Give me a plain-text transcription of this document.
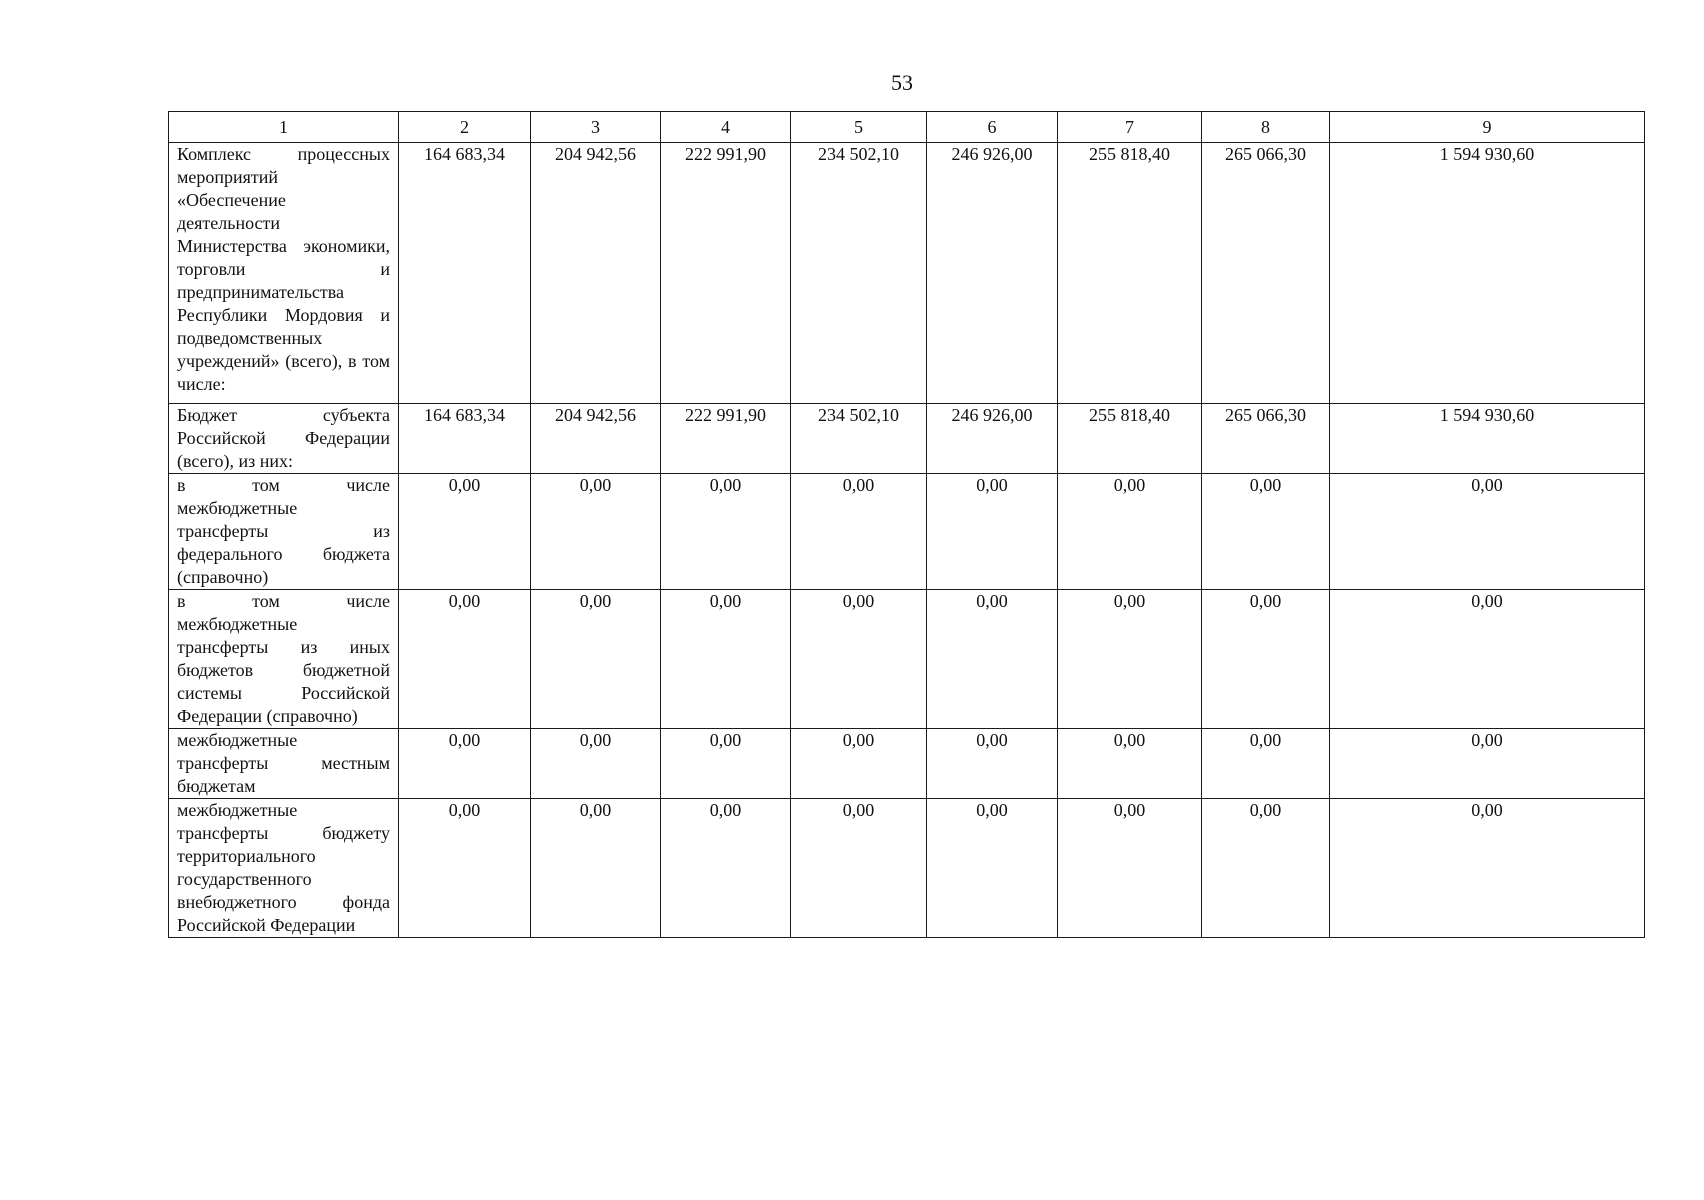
53
1	2	3	4	5	6	7	8	9
Комплекс процессных мероприятий «Обеспечение деятельности Министерства экономики, торговли и предпринимательства Республики Мордовия и подведомственных учреждений» (всего), в том числе:	164 683,34	204 942,56	222 991,90	234 502,10	246 926,00	255 818,40	265 066,30	1 594 930,60
Бюджет субъекта Российской Федерации (всего), из них:	164 683,34	204 942,56	222 991,90	234 502,10	246 926,00	255 818,40	265 066,30	1 594 930,60
в том числе межбюджетные трансферты из федерального бюджета (справочно)	0,00	0,00	0,00	0,00	0,00	0,00	0,00	0,00
в том числе межбюджетные трансферты из иных бюджетов бюджетной системы Российской Федерации (справочно)	0,00	0,00	0,00	0,00	0,00	0,00	0,00	0,00
межбюджетные трансферты местным бюджетам	0,00	0,00	0,00	0,00	0,00	0,00	0,00	0,00
межбюджетные трансферты бюджету территориального государственного внебюджетного фонда Российской Федерации	0,00	0,00	0,00	0,00	0,00	0,00	0,00	0,00
